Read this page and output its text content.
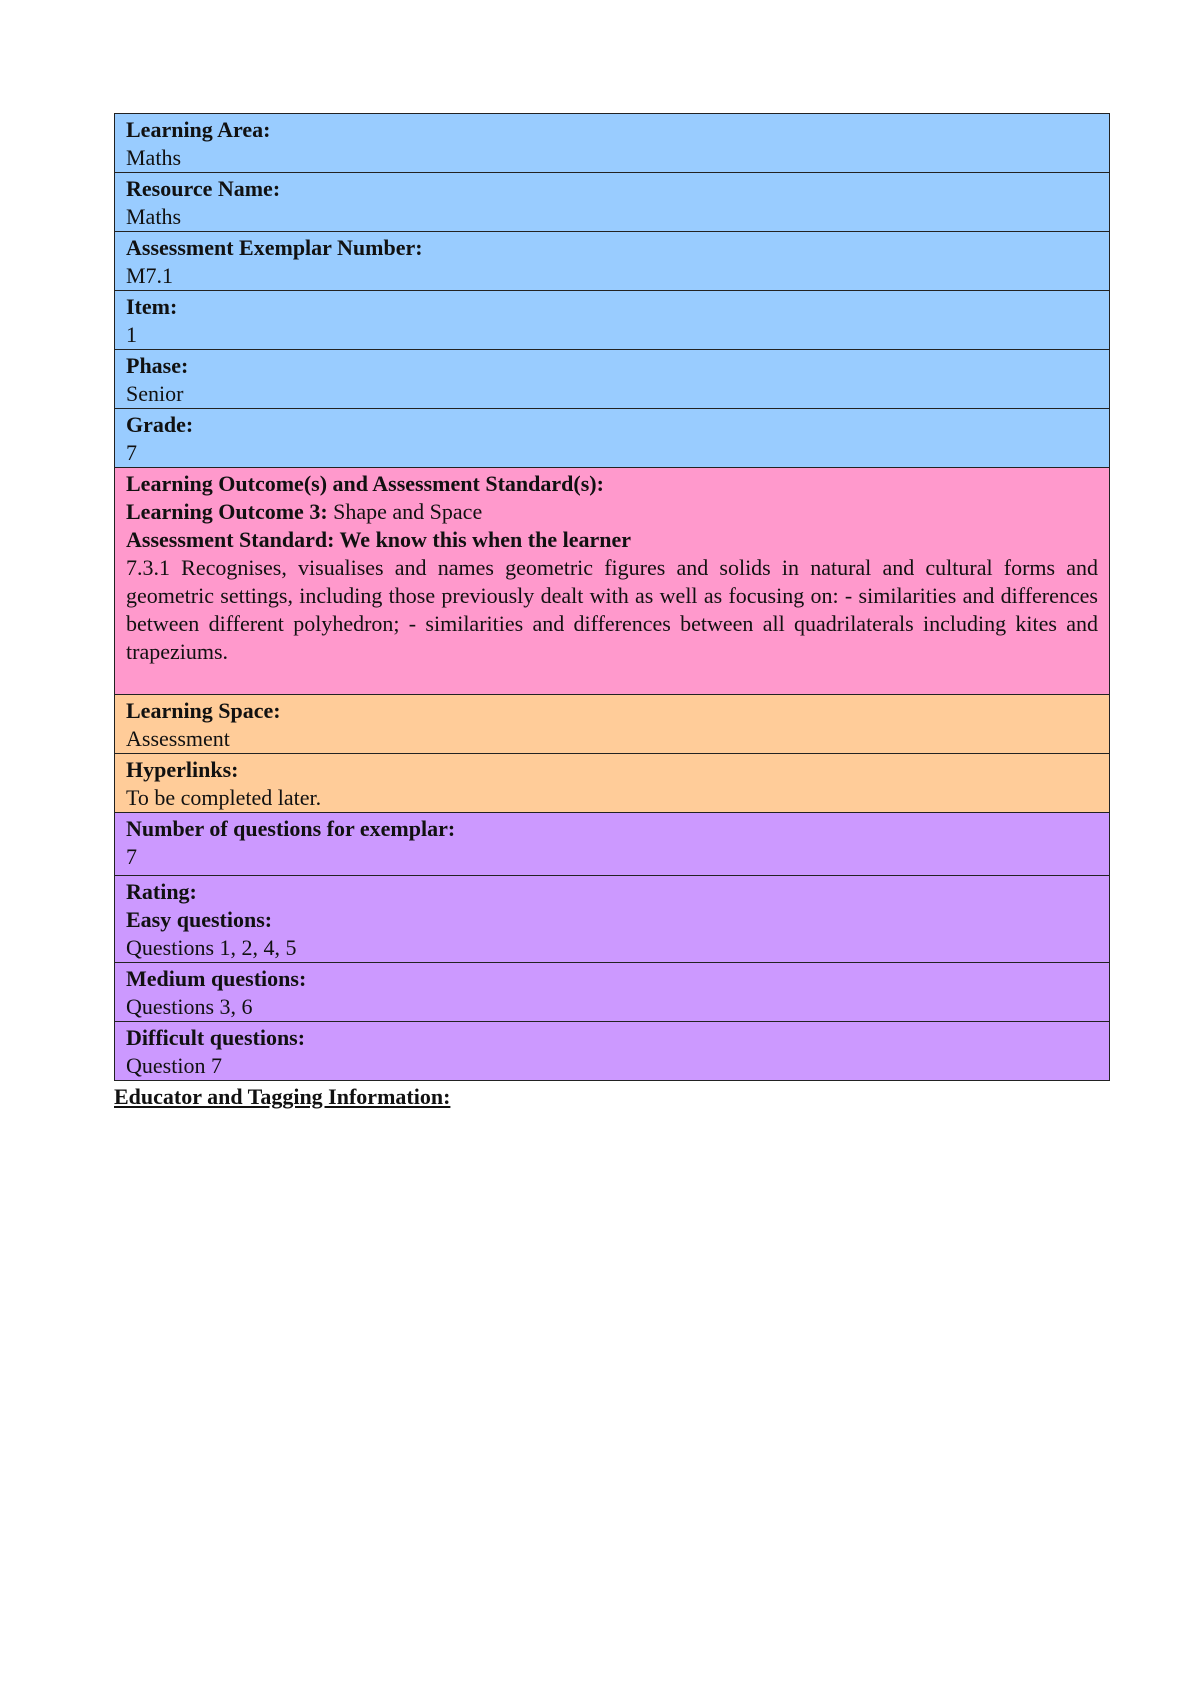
Learning Area:
Maths

Resource Name:
Maths

Assessment Exemplar Number:
M7.1

Item:
1

Phase:
Senior

Grade:
7

Learning Outcome(s) and Assessment Standard(s):
Learning Outcome 3: Shape and Space
Assessment Standard: We know this when the learner
7.3.1 Recognises, visualises and names geometric figures and solids in natural and cultural forms and geometric settings, including those previously dealt with as well as focusing on: - similarities and differences between different polyhedron; - similarities and differences between all quadrilaterals including kites and trapeziums.

Learning Space:
Assessment

Hyperlinks:
To be completed later.

Number of questions for exemplar:
7

Rating:
Easy questions:
Questions 1, 2, 4, 5

Medium questions:
Questions 3, 6

Difficult questions:
Question 7
Educator and Tagging Information:
